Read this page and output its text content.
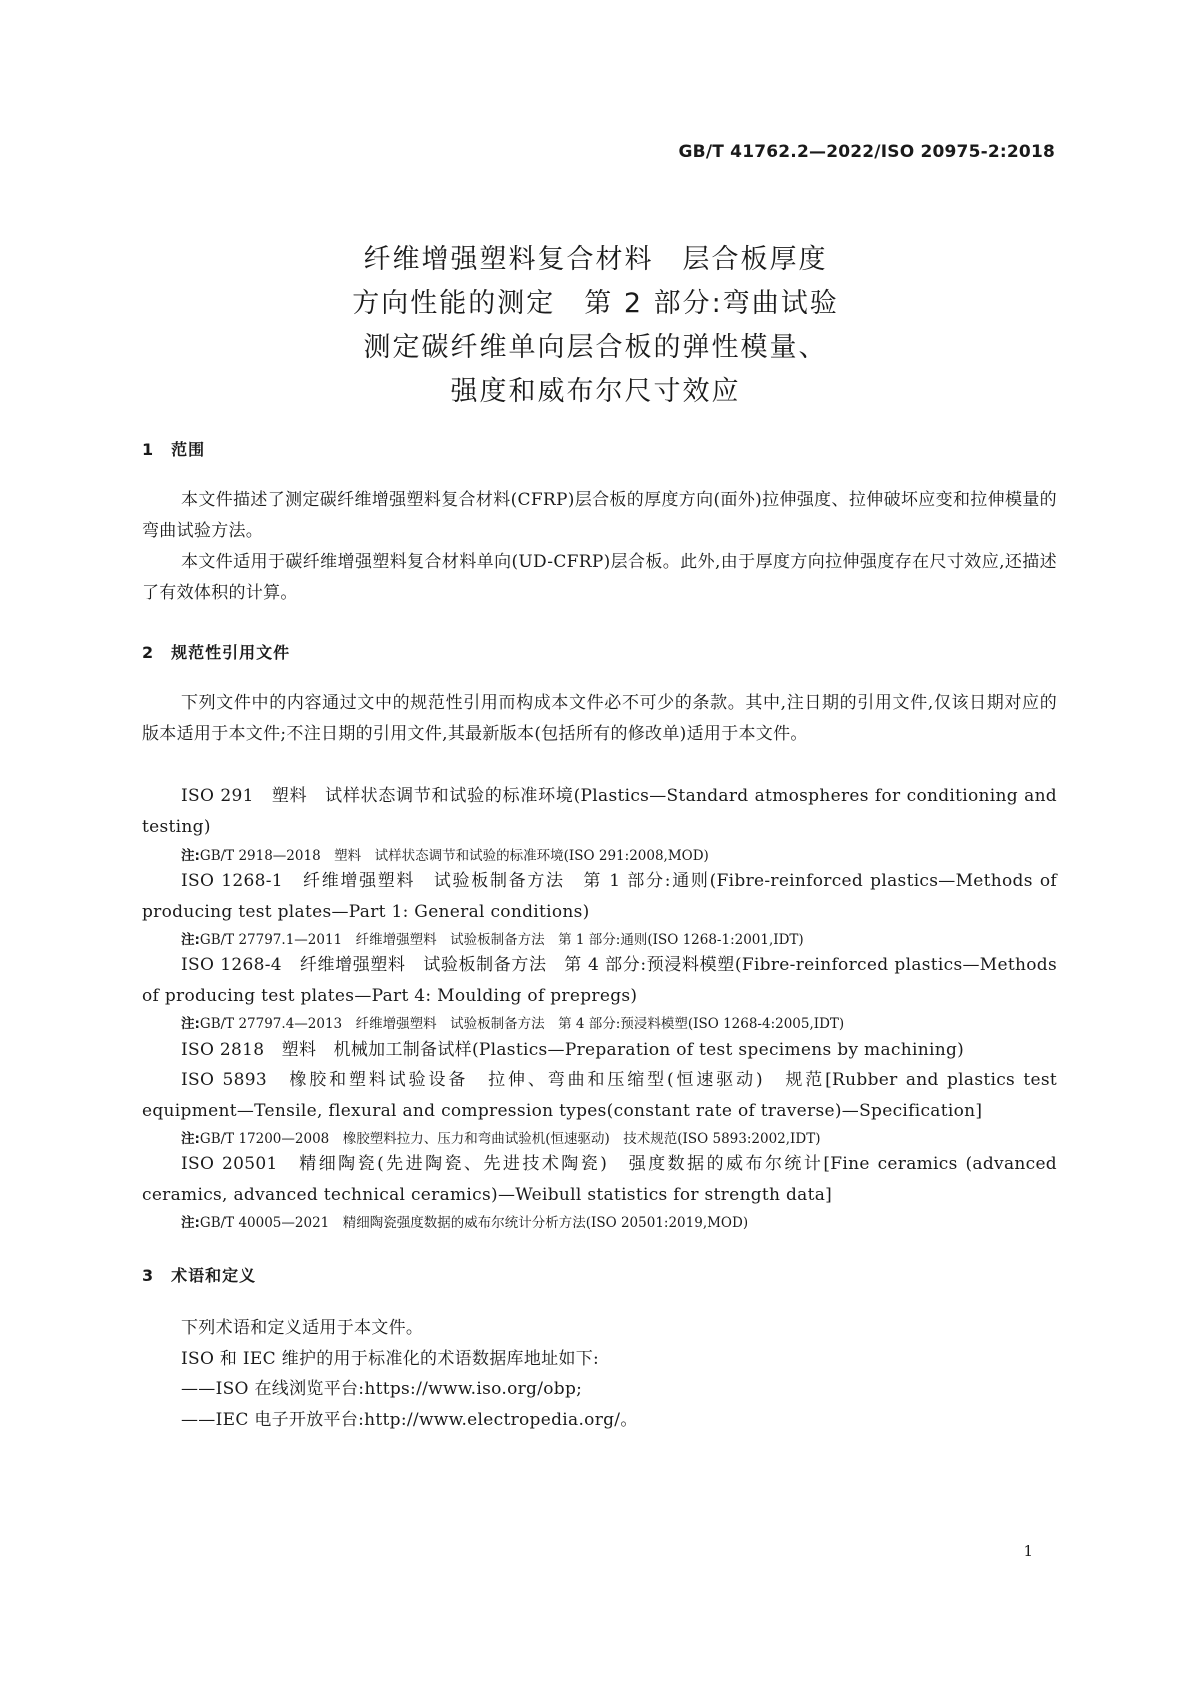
GB/T 41762.2—2022/ISO 20975-2:2018
纤维增强塑料复合材料　层合板厚度
方向性能的测定　第 2 部分:弯曲试验
测定碳纤维单向层合板的弹性模量、
强度和威布尔尺寸效应
1　范围
本文件描述了测定碳纤维增强塑料复合材料(CFRP)层合板的厚度方向(面外)拉伸强度、拉伸破坏应变和拉伸模量的弯曲试验方法。
本文件适用于碳纤维增强塑料复合材料单向(UD-CFRP)层合板。此外,由于厚度方向拉伸强度存在尺寸效应,还描述了有效体积的计算。
2　规范性引用文件
下列文件中的内容通过文中的规范性引用而构成本文件必不可少的条款。其中,注日期的引用文件,仅该日期对应的版本适用于本文件;不注日期的引用文件,其最新版本(包括所有的修改单)适用于本文件。
ISO 291　塑料　试样状态调节和试验的标准环境(Plastics—Standard atmospheres for conditioning and testing)
注:GB/T 2918—2018　塑料　试样状态调节和试验的标准环境(ISO 291:2008,MOD)
ISO 1268-1　纤维增强塑料　试验板制备方法　第 1 部分:通则(Fibre-reinforced plastics—Methods of producing test plates—Part 1: General conditions)
注:GB/T 27797.1—2011　纤维增强塑料　试验板制备方法　第 1 部分:通则(ISO 1268-1:2001,IDT)
ISO 1268-4　纤维增强塑料　试验板制备方法　第 4 部分:预浸料模塑(Fibre-reinforced plastics—Methods of producing test plates—Part 4: Moulding of prepregs)
注:GB/T 27797.4—2013　纤维增强塑料　试验板制备方法　第 4 部分:预浸料模塑(ISO 1268-4:2005,IDT)
ISO 2818　塑料　机械加工制备试样(Plastics—Preparation of test specimens by machining)
ISO 5893　橡胶和塑料试验设备　拉伸、弯曲和压缩型(恒速驱动)　规范[Rubber and plastics test equipment—Tensile, flexural and compression types(constant rate of traverse)—Specification]
注:GB/T 17200—2008　橡胶塑料拉力、压力和弯曲试验机(恒速驱动)　技术规范(ISO 5893:2002,IDT)
ISO 20501　精细陶瓷(先进陶瓷、先进技术陶瓷)　强度数据的威布尔统计[Fine ceramics (advanced ceramics, advanced technical ceramics)—Weibull statistics for strength data]
注:GB/T 40005—2021　精细陶瓷强度数据的威布尔统计分析方法(ISO 20501:2019,MOD)
3　术语和定义
下列术语和定义适用于本文件。
ISO 和 IEC 维护的用于标准化的术语数据库地址如下:
——ISO 在线浏览平台:https://www.iso.org/obp;
——IEC 电子开放平台:http://www.electropedia.org/。
1
